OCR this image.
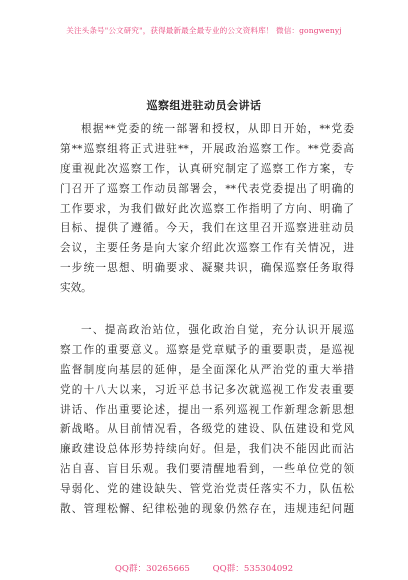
关注头条号"公文研究"，获得最新最全最专业的公文资料库！ 微信：gongwenyj
巡察组进驻动员会讲话
根据**党委的统一部署和授权，从即日开始，**党委
第**巡察组将正式进驻**，开展政治巡察工作。**党委高
度重视此次巡察工作，认真研究制定了巡察工作方案，专
门召开了巡察工作动员部署会，**代表党委提出了明确的
工作要求，为我们做好此次巡察工作指明了方向、明确了
目标、提供了遵循。今天，我们在这里召开巡察进驻动员
会议，主要任务是向大家介绍此次巡察工作有关情况，进
一步统一思想、明确要求、凝聚共识，确保巡察任务取得
实效。
一、提高政治站位，强化政治自觉，充分认识开展巡
察工作的重要意义。巡察是党章赋予的重要职责，是巡视
监督制度向基层的延伸，是全面深化从严治党的重大举措
党的十八大以来，习近平总书记多次就巡视工作发表重要
讲话、作出重要论述，提出一系列巡视工作新理念新思想
新战略。从目前情况看，各级党的建设、队伍建设和党风
廉政建设总体形势持续向好。但是，我们决不能因此而沾
沾自喜、盲目乐观。我们要清醒地看到，一些单位党的领
导弱化、党的建设缺失、管党治党责任落实不力，队伍松
散、管理松懈、纪律松弛的现象仍然存在，违规违纪问题
QQ群：30265665	QQ群：535304092
